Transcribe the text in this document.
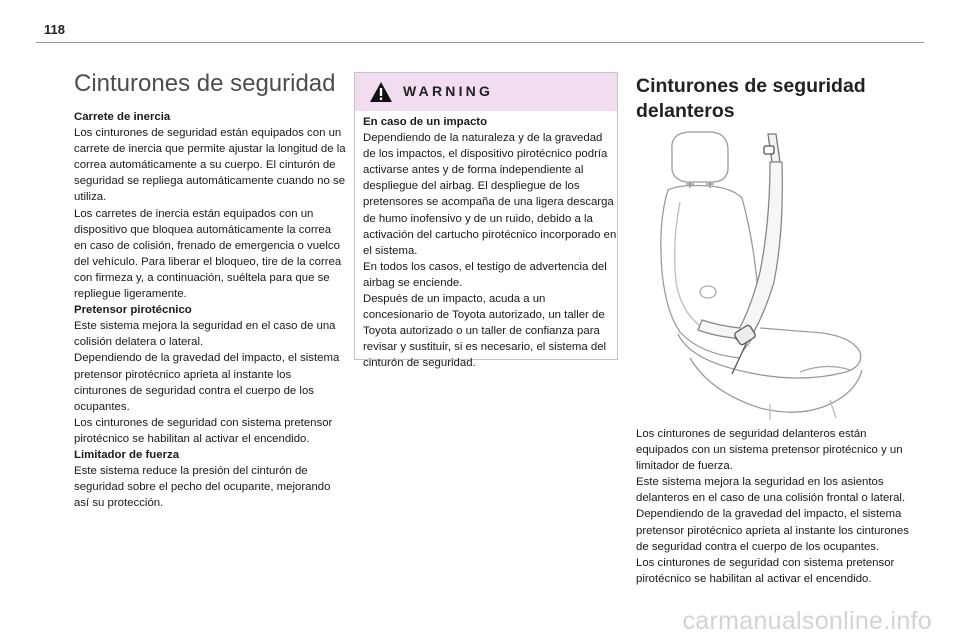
118
Cinturones de seguridad

Carrete de inercia

Los cinturones de seguridad están equipados con un carrete de inercia que permite ajustar la longitud de la correa automáticamente a su cuerpo. El cinturón de seguridad se repliega automáticamente cuando no se utiliza.

Los carretes de inercia están equipados con un dispositivo que bloquea automáticamente la correa en caso de colisión, frenado de emergencia o vuelco del vehículo. Para liberar el bloqueo, tire de la correa con firmeza y, a continuación, suéltela para que se repliegue ligeramente.

Pretensor pirotécnico

Este sistema mejora la seguridad en el caso de una colisión delatera o lateral.

Dependiendo de la gravedad del impacto, el sistema pretensor pirotécnico aprieta al instante los cinturones de seguridad contra el cuerpo de los ocupantes.

Los cinturones de seguridad con sistema pretensor pirotécnico se habilitan al activar el encendido.

Limitador de fuerza

Este sistema reduce la presión del cinturón de seguridad sobre el pecho del ocupante, mejorando así su protección.

WARNING

En caso de un impacto

Dependiendo de la naturaleza y de la gravedad de los impactos, el dispositivo pirotécnico podría activarse antes y de forma independiente al despliegue del airbag. El despliegue de los pretensores se acompaña de una ligera descarga de humo inofensivo y de un ruido, debido a la activación del cartucho pirotécnico incorporado en el sistema.

En todos los casos, el testigo de advertencia del airbag se enciende.

Después de un impacto, acuda a un concesionario de Toyota autorizado, un taller de Toyota autorizado o un taller de confianza para revisar y sustituir, si es necesario, el sistema del cinturón de seguridad.

Cinturones de seguridad
delanteros

Los cinturones de seguridad delanteros están equipados con un sistema pretensor pirotécnico y un limitador de fuerza.

Este sistema mejora la seguridad en los asientos delanteros en el caso de una colisión frontal o lateral.

Dependiendo de la gravedad del impacto, el sistema pretensor pirotécnico aprieta al instante los cinturones de seguridad contra el cuerpo de los ocupantes.

Los cinturones de seguridad con sistema pretensor pirotécnico se habilitan al activar el encendido.

carmanualsonline.info
